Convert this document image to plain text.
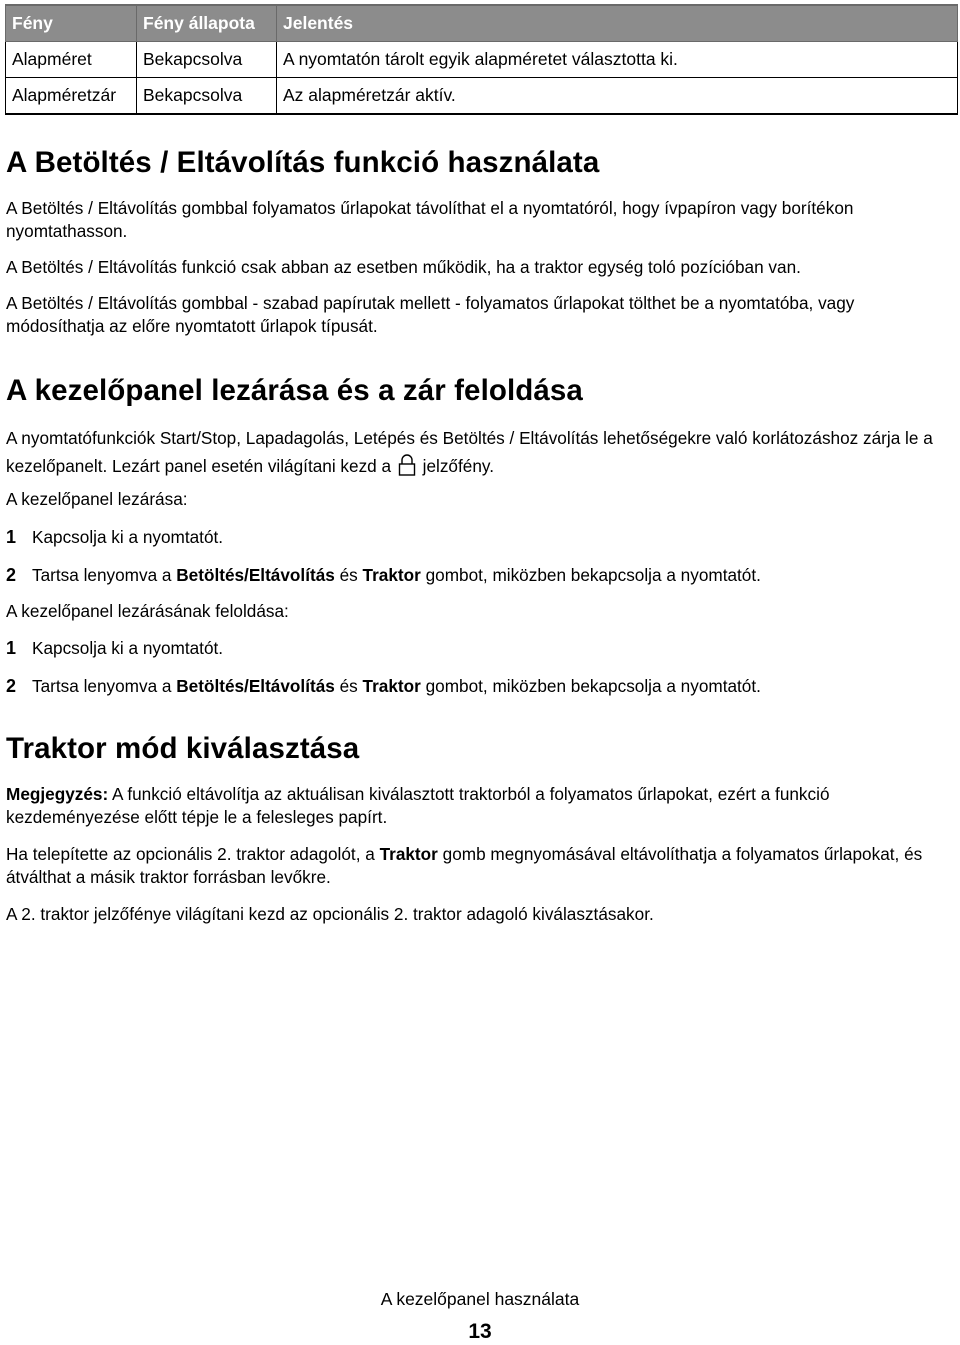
Fény	Fény állapota	Jelentés
Alapméret	Bekapcsolva	A nyomtatón tárolt egyik alapméretet választotta ki.
Alapméretzár	Bekapcsolva	Az alapméretzár aktív.
A Betöltés / Eltávolítás funkció használata

A Betöltés / Eltávolítás gombbal folyamatos űrlapokat távolíthat el a nyomtatóról, hogy ívpapíron vagy borítékon nyomtathasson.

A Betöltés / Eltávolítás funkció csak abban az esetben működik, ha a traktor egység toló pozícióban van.

A Betöltés / Eltávolítás gombbal - szabad papírutak mellett - folyamatos űrlapokat tölthet be a nyomtatóba, vagy módosíthatja az előre nyomtatott űrlapok típusát.

A kezelőpanel lezárása és a zár feloldása

A nyomtatófunkciók Start/Stop, Lapadagolás, Letépés és Betöltés / Eltávolítás lehetőségekre való korlátozáshoz zárja le a kezelőpanelt. Lezárt panel esetén világítani kezd a jelzőfény.

A kezelőpanel lezárása:

1 Kapcsolja ki a nyomtatót.
2 Tartsa lenyomva a Betöltés/Eltávolítás és Traktor gombot, miközben bekapcsolja a nyomtatót.

A kezelőpanel lezárásának feloldása:

1 Kapcsolja ki a nyomtatót.
2 Tartsa lenyomva a Betöltés/Eltávolítás és Traktor gombot, miközben bekapcsolja a nyomtatót.
Traktor mód kiválasztása

Megjegyzés: A funkció eltávolítja az aktuálisan kiválasztott traktorból a folyamatos űrlapokat, ezért a funkció kezdeményezése előtt tépje le a felesleges papírt.

Ha telepítette az opcionális 2. traktor adagolót, a Traktor gomb megnyomásával eltávolíthatja a folyamatos űrlapokat, és átválthat a másik traktor forrásban levőkre.

A 2. traktor jelzőfénye világítani kezd az opcionális 2. traktor adagoló kiválasztásakor.

A kezelőpanel használata
13
